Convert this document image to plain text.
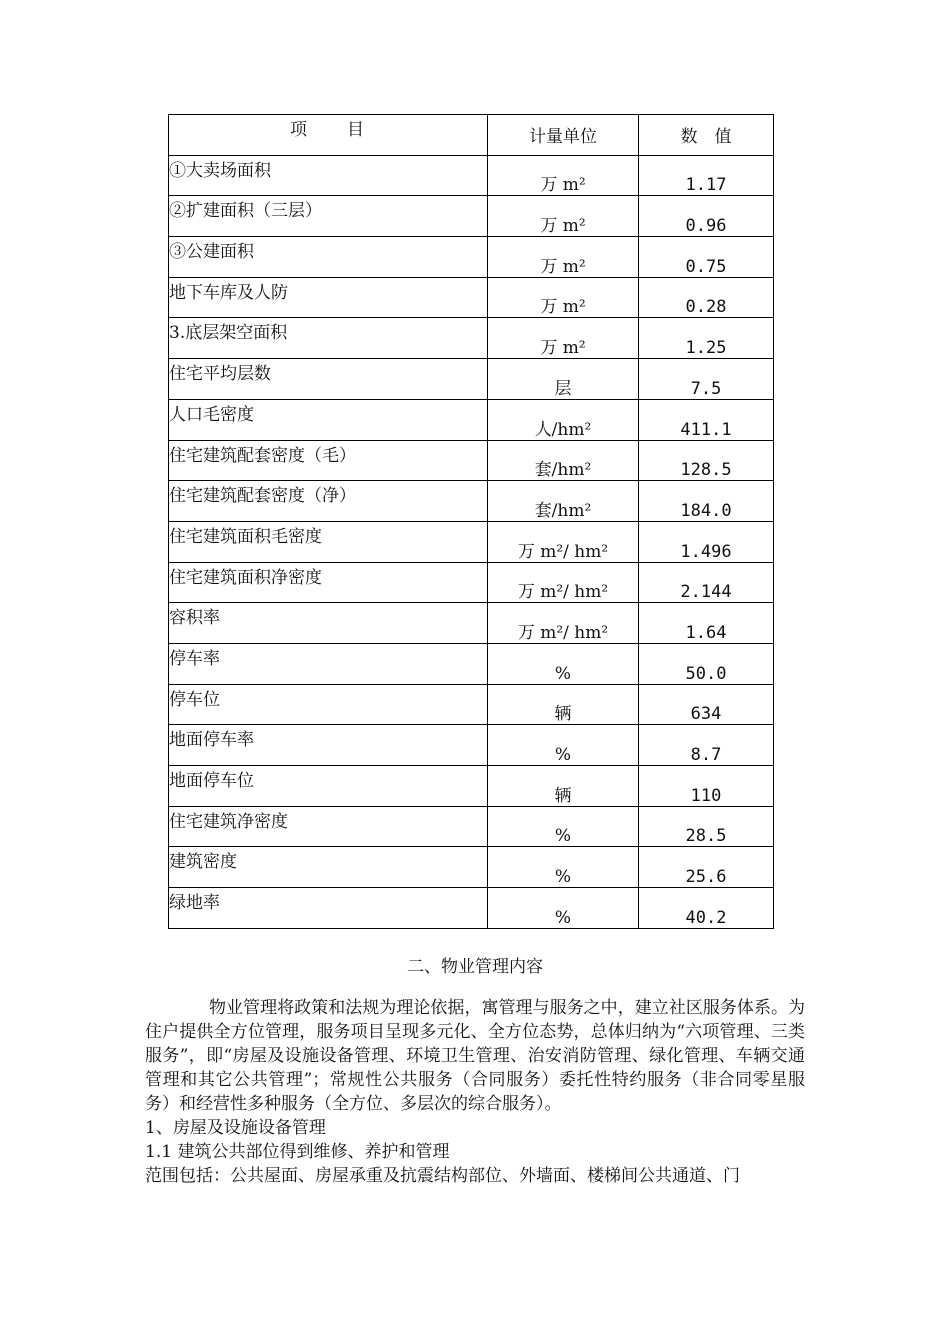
项　　目	计量单位	数　值
①大卖场面积	万 m²	1.17
②扩建面积（三层）	万 m²	0.96
③公建面积	万 m²	0.75
地下车库及人防	万 m²	0.28
3.底层架空面积	万 m²	1.25
住宅平均层数	层	7.5
人口毛密度	人/hm²	411.1
住宅建筑配套密度（毛）	套/hm²	128.5
住宅建筑配套密度（净）	套/hm²	184.0
住宅建筑面积毛密度	万 m²/ hm²	1.496
住宅建筑面积净密度	万 m²/ hm²	2.144
容积率	万 m²/ hm²	1.64
停车率	%	50.0
停车位	辆	634
地面停车率	%	8.7
地面停车位	辆	110
住宅建筑净密度	%	28.5
建筑密度	%	25.6
绿地率	%	40.2
二、物业管理内容
物业管理将政策和法规为理论依据，寓管理与服务之中，建立社区服务体系。为住户提供全方位管理，服务项目呈现多元化、全方位态势，总体归纳为“六项管理、三类服务”，即“房屋及设施设备管理、环境卫生管理、治安消防管理、绿化管理、车辆交通管理和其它公共管理”；常规性公共服务（合同服务）委托性特约服务（非合同零星服务）和经营性多种服务（全方位、多层次的综合服务）。
1、房屋及设施设备管理
1.1 建筑公共部位得到维修、养护和管理
范围包括：公共屋面、房屋承重及抗震结构部位、外墙面、楼梯间公共通道、门
